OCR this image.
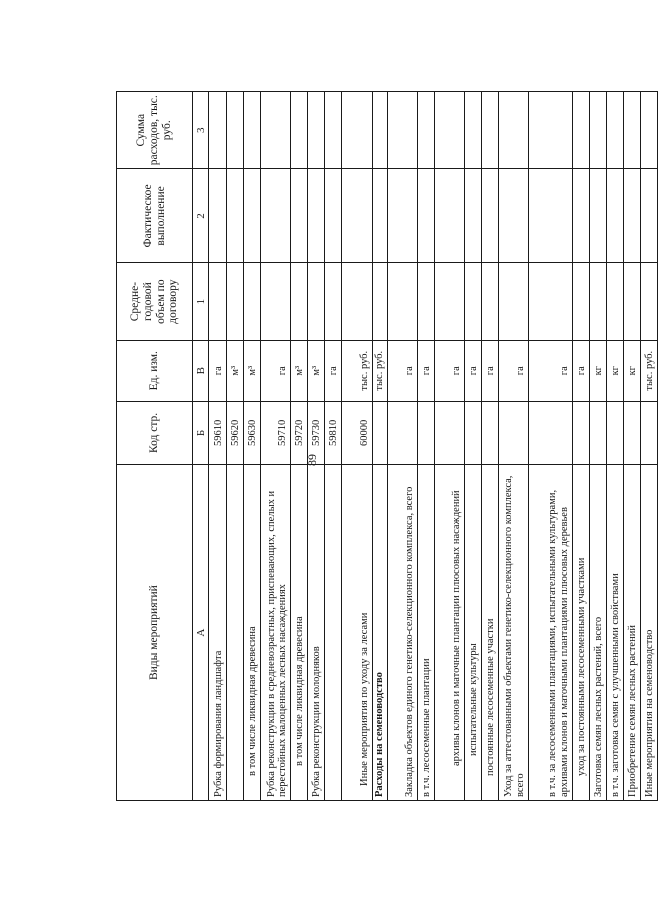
89
Виды мероприятий	Код стр.	Ед. изм.	Средне-годовой объем по договору	Фактическое выполнение	Сумма расходов, тыс. руб.
А	Б	В	1	2	3
Рубка формирования ландшафта	59610	га			
	59620	м³			
в том числе ликвидная древесина	59630	м³			
Рубка реконструкции в средневозрастных, приспевающих, спелых и перестойных малоценных лесных насаждениях	59710	га			
в том числе ликвидная древесина	59720	м³			
Рубка реконструкции молодняков	59730	м³			
	59810	га			
Иные мероприятия по уходу за лесами	60000	тыс. руб.			
Расходы на семеноводство		тыс. руб.			
Закладка объектов единого генетико-селекционного комплекса, всего		га			
в т.ч. лесосеменные плантации		га			
архивы клонов и маточные плантации плюсовых насаждений		га			
испытательные культуры		га			
постоянные лесосеменные участки		га			
Уход за аттестованными объектами генетико-селекционного комплекса, всего		га			
в т.ч. за лесосеменными плантациями, испытательными культурами, архивами клонов и маточными плантациями плюсовых деревьев		га			
уход за постоянными лесосеменными участками		га			
Заготовка семян лесных растений, всего		кг			
в т.ч. заготовка семян с улучшенными свойствами		кг			
Приобретение семян лесных растений		кг			
Иные мероприятия на семеноводство		тыс. руб.			
